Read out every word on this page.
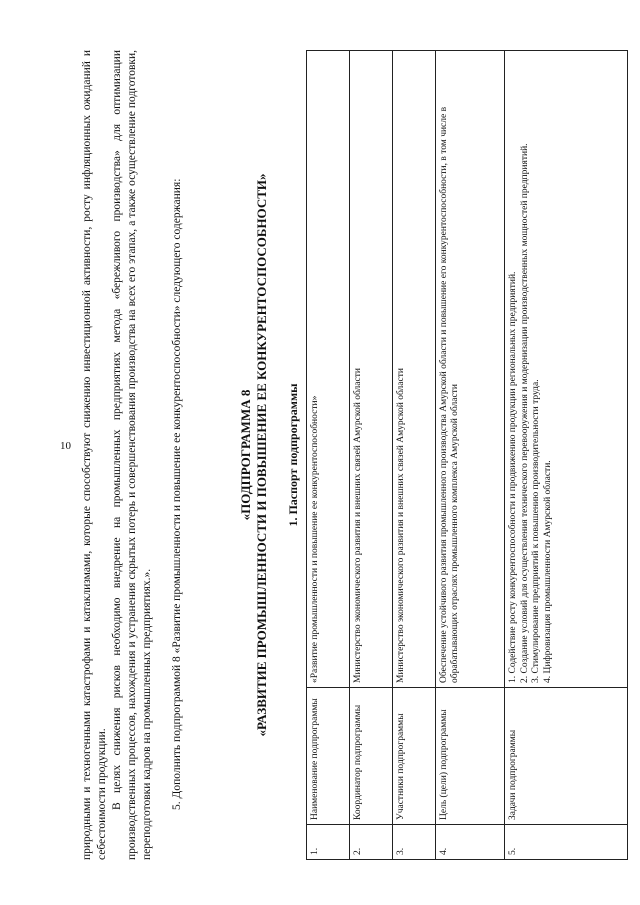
10 природными и техногенными катастрофами и катаклизмами, которые способствуют снижению инвестиционной активности, росту инфляционных ожиданий и себестоимости продукции. В целях снижения рисков необходимо внедрение на промышленных предприятиях метода «бережливого производства» для оптимизации производственных процессов, нахождения и устранения скрытых потерь и совершенствования производства на всех его этапах, а также осуществление подготовки, переподготовки кадров на промышленных предприятиях.». 5. Дополнить подпрограммой 8 «Развитие промышленности и повышение ее конкурентоспособности» следующего содержания:	«ПОДПРОГРАММА 8 «РАЗВИТИЕ ПРОМЫШЛЕННОСТИ И ПОВЫШЕНИЕ ЕЕ КОНКУРЕНТОСПОСОБНОСТИ» 1. Паспорт подпрограммы

1.	Наименование подпрограммы	«Развитие промышленности и повышение ее конкурентоспособности»

2.	Координатор подпрограммы	Министерство экономического развития и внешних связей Амурской области

3.	Участники подпрограммы	Министерство экономического развития и внешних связей Амурской области

4.	Цель (цели) подпрограммы	Обеспечение устойчивого развития промышленного производства Амурской области и повышение его конкурентоспособности, в том числе в обрабатывающих отраслях промышленного комплекса Амурской области

5.	Задачи подпрограммы	1. Содействие росту конкурентоспособности и продвижению продукции региональных предприятий. 2. Создание условий для осуществления технического перевооружения и модернизации производственных мощностей предприятий. 3. Стимулирование предприятий к повышению производительности труда. 4. Цифровизация промышленности Амурской области.
